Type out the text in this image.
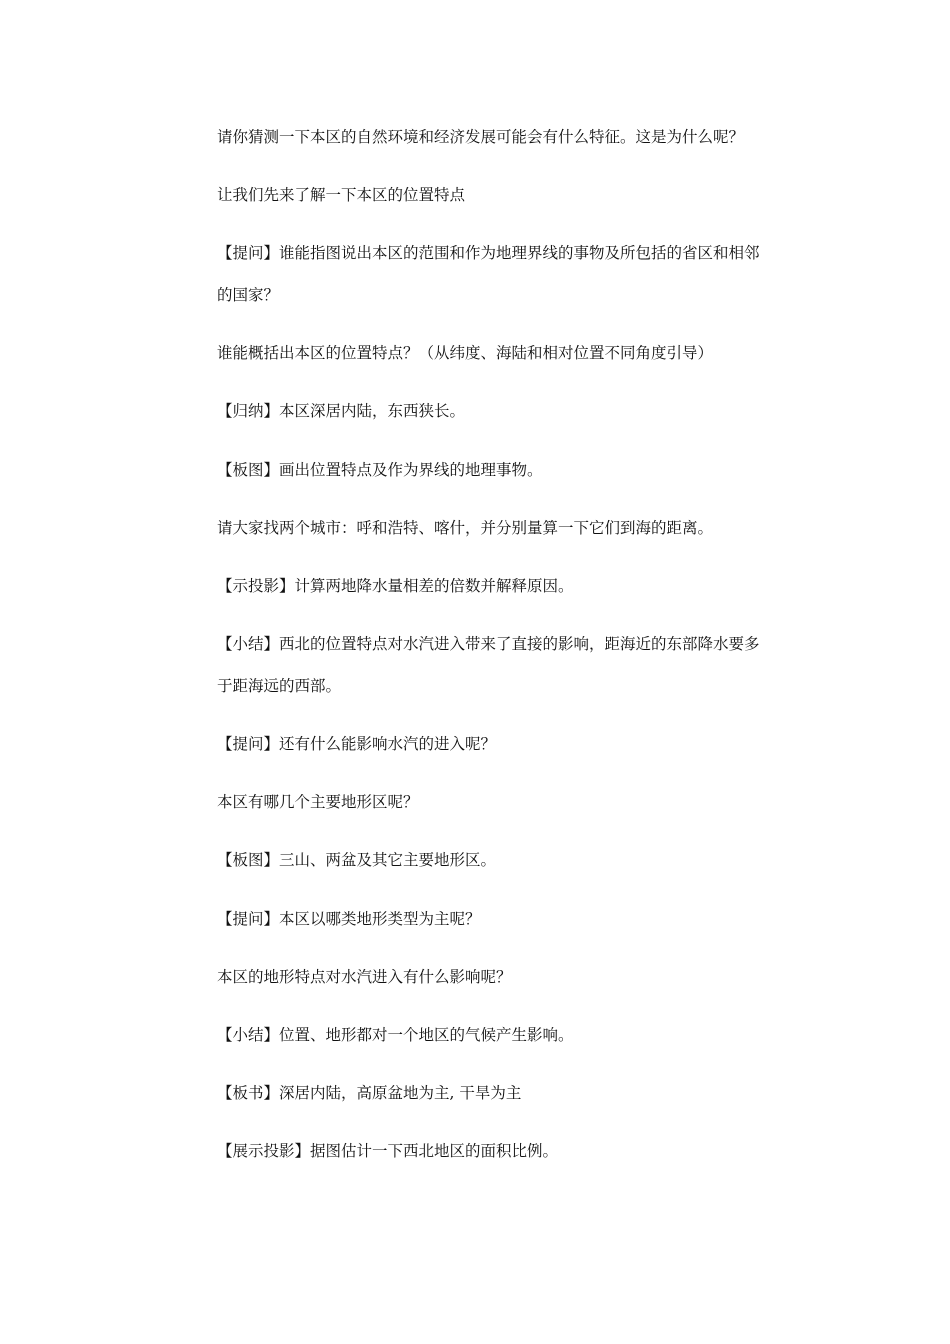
请你猜测一下本区的自然环境和经济发展可能会有什么特征。这是为什么呢？

让我们先来了解一下本区的位置特点

【提问】谁能指图说出本区的范围和作为地理界线的事物及所包括的省区和相邻

的国家？

谁能概括出本区的位置特点？（从纬度、海陆和相对位置不同角度引导）

【归纳】本区深居内陆，东西狭长。

【板图】画出位置特点及作为界线的地理事物。

请大家找两个城市：呼和浩特、喀什，并分别量算一下它们到海的距离。

【示投影】计算两地降水量相差的倍数并解释原因。

【小结】西北的位置特点对水汽进入带来了直接的影响，距海近的东部降水要多

于距海远的西部。

【提问】还有什么能影响水汽的进入呢？

本区有哪几个主要地形区呢？

【板图】三山、两盆及其它主要地形区。

【提问】本区以哪类地形类型为主呢？

本区的地形特点对水汽进入有什么影响呢？

【小结】位置、地形都对一个地区的气候产生影响。

【板书】深居内陆，高原盆地为主, 干旱为主

【展示投影】据图估计一下西北地区的面积比例。
